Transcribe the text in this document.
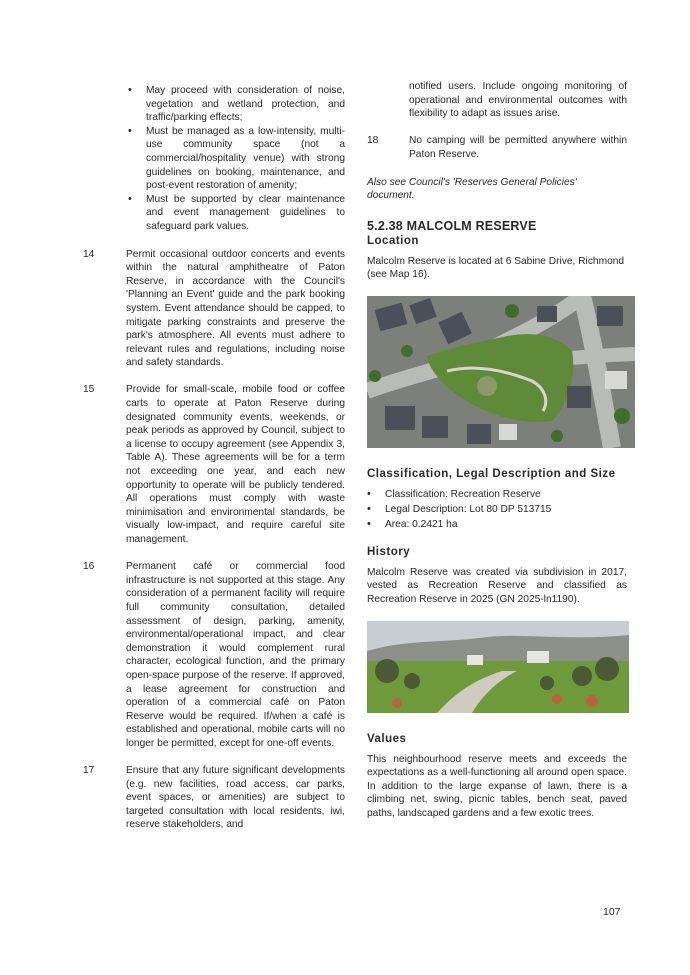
• May proceed with consideration of noise, vegetation and wetland protection, and traffic/parking effects;
• Must be managed as a low-intensity, multi-use community space (not a commercial/hospitality venue) with strong guidelines on booking, maintenance, and post-event restoration of amenity;
• Must be supported by clear maintenance and event management guidelines to safeguard park values.
14	Permit occasional outdoor concerts and events within the natural amphitheatre of Paton Reserve, in accordance with the Council's 'Planning an Event' guide and the park booking system. Event attendance should be capped, to mitigate parking constraints and preserve the park's atmosphere. All events must adhere to relevant rules and regulations, including noise and safety standards.

15	Provide for small-scale, mobile food or coffee carts to operate at Paton Reserve during designated community events, weekends, or peak periods as approved by Council, subject to a license to occupy agreement (see Appendix 3, Table A). These agreements will be for a term not exceeding one year, and each new opportunity to operate will be publicly tendered. All operations must comply with waste minimisation and environmental standards, be visually low-impact, and require careful site management.

16	Permanent café or commercial food infrastructure is not supported at this stage. Any consideration of a permanent facility will require full community consultation, detailed assessment of design, parking, amenity, environmental/operational impact, and clear demonstration it would complement rural character, ecological function, and the primary open-space purpose of the reserve. If approved, a lease agreement for construction and operation of a commercial café on Paton Reserve would be required. If/when a café is established and operational, mobile carts will no longer be permitted, except for one-off events.

17	Ensure that any future significant developments (e.g. new facilities, road access, car parks, event spaces, or amenities) are subject to targeted consultation with local residents, iwi, reserve stakeholders, and

notified users. Include ongoing monitoring of operational and environmental outcomes with flexibility to adapt as issues arise.

18	No camping will be permitted anywhere within Paton Reserve.

Also see Council's 'Reserves General Policies' document.

5.2.38 MALCOLM RESERVE
Location

Malcolm Reserve is located at 6 Sabine Drive, Richmond (see Map 16).

Classification, Legal Description and Size
• Classification: Recreation Reserve
• Legal Description: Lot 80 DP 513715
• Area: 0.2421 ha
History

Malcolm Reserve was created via subdivision in 2017, vested as Recreation Reserve and classified as Recreation Reserve in 2025 (GN 2025-ln1190).

Values

This neighbourhood reserve meets and exceeds the expectations as a well-functioning all around open space. In addition to the large expanse of lawn, there is a climbing net, swing, picnic tables, bench seat, paved paths, landscaped gardens and a few exotic trees.

107
